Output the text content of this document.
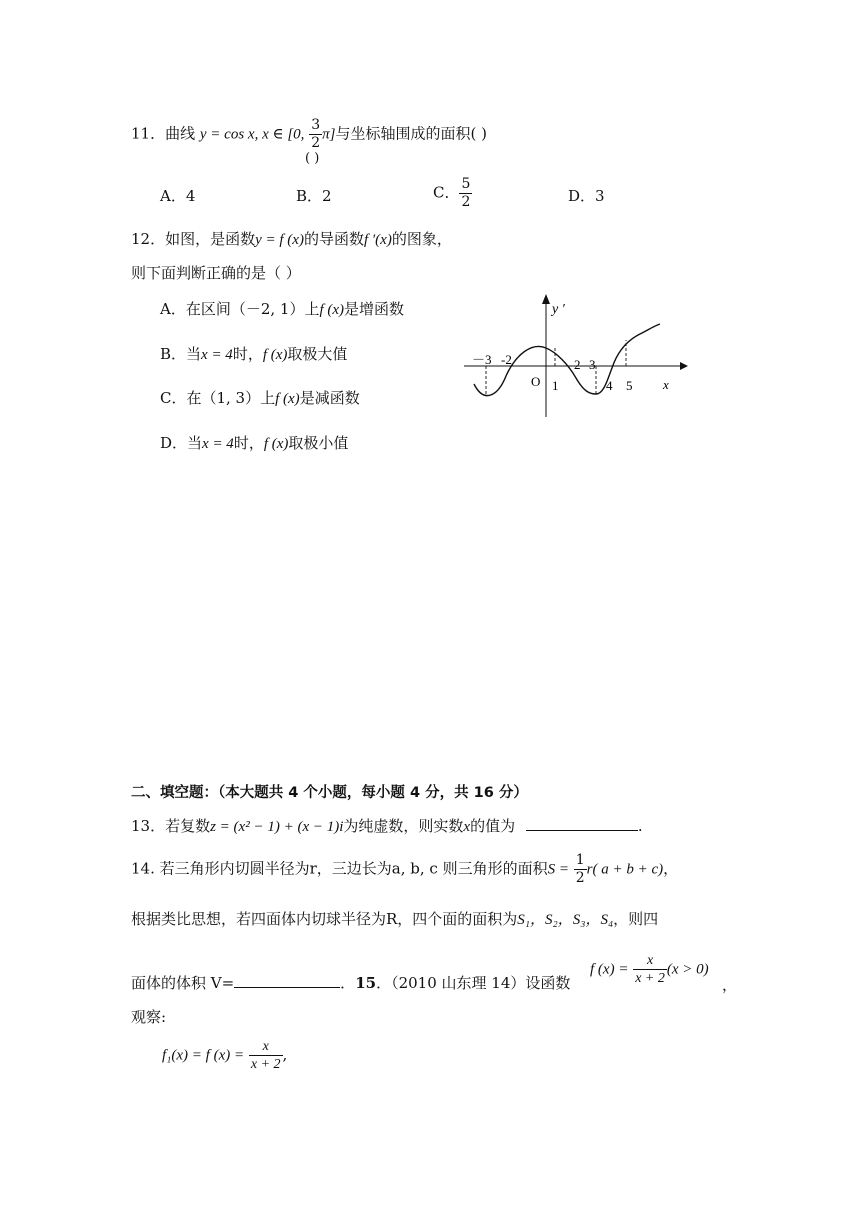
11．曲线 y = cos x, x ∈ [0, $\frac{3}{2} \pi$]与坐标轴围成的面积( )
( )
A．4	B．2	C． $\frac{5}{2}$	D．3
12．如图，是函数y = f (x)的导函数f ′(x)的图象，
则下面判断正确的是（ ）
A．在区间（－2, 1）上f (x)是增函数
B．当x = 4时，f (x)取极大值
C．在（1, 3）上f (x)是减函数
D．当x = 4时，f (x)取极小值
y ′
x
O
－3 -2
1
2 3
4 5
二、填空题：（本大题共 4 个小题，每小题 4 分，共 16 分）
13．若复数z = (x² − 1) + (x − 1)i为纯虚数，则实数x的值为	.
14. 若三角形内切圆半径为r，三边长为a, b, c 则三角形的面积$S = \frac{1}{2} r$( a + b + c)，
根据类比思想，若四面体内切球半径为R，四个面的面积为S₁，S₂，S₃，S₄，则四
面体的体积 V=	．15．（2010 山东理 14）设函数
f $(x) = \frac{x}{x + 2} (x > 0)$
，
观察:
f₁(x) = f $(x) = \frac{x}{x + 2}$ ,
